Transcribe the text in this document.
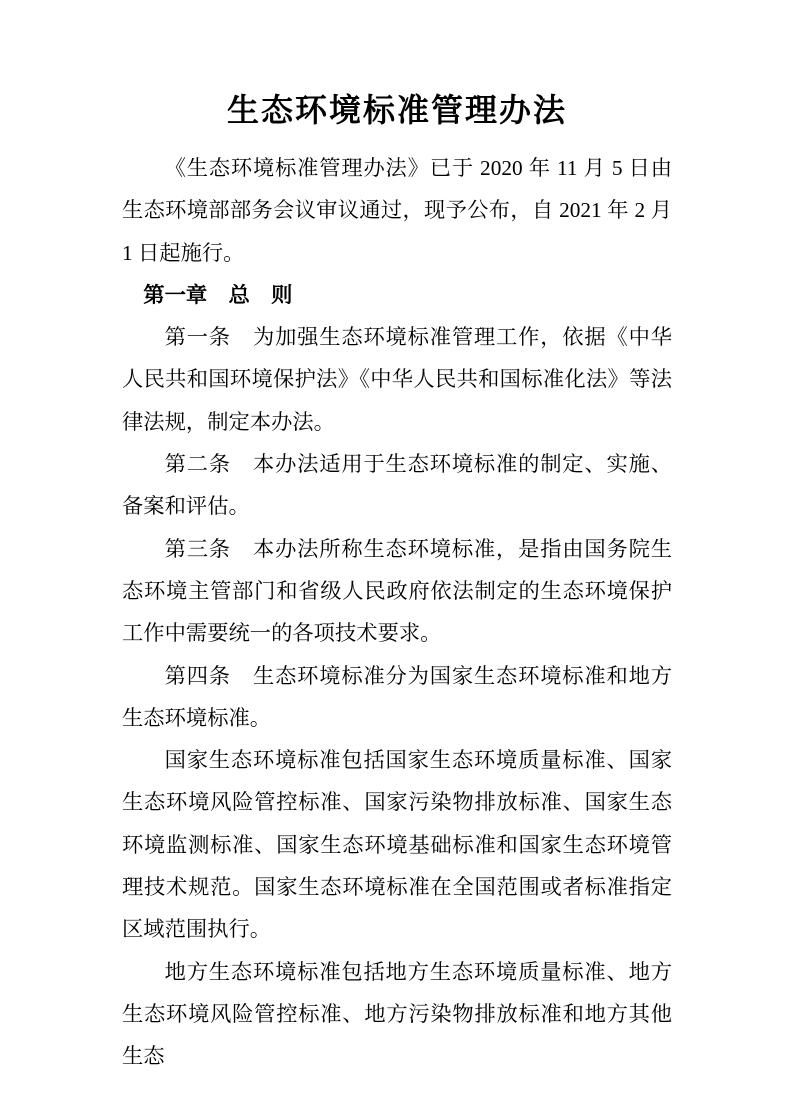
生态环境标准管理办法

《生态环境标准管理办法》已于 2020 年 11 月 5 日由生态环境部部务会议审议通过，现予公布，自 2021 年 2 月 1 日起施行。

第一章　总　则

第一条　为加强生态环境标准管理工作，依据《中华人民共和国环境保护法》《中华人民共和国标准化法》等法律法规，制定本办法。

第二条　本办法适用于生态环境标准的制定、实施、备案和评估。

第三条　本办法所称生态环境标准，是指由国务院生态环境主管部门和省级人民政府依法制定的生态环境保护工作中需要统一的各项技术要求。

第四条　生态环境标准分为国家生态环境标准和地方生态环境标准。

国家生态环境标准包括国家生态环境质量标准、国家生态环境风险管控标准、国家污染物排放标准、国家生态环境监测标准、国家生态环境基础标准和国家生态环境管理技术规范。国家生态环境标准在全国范围或者标准指定区域范围执行。

地方生态环境标准包括地方生态环境质量标准、地方生态环境风险管控标准、地方污染物排放标准和地方其他生态
